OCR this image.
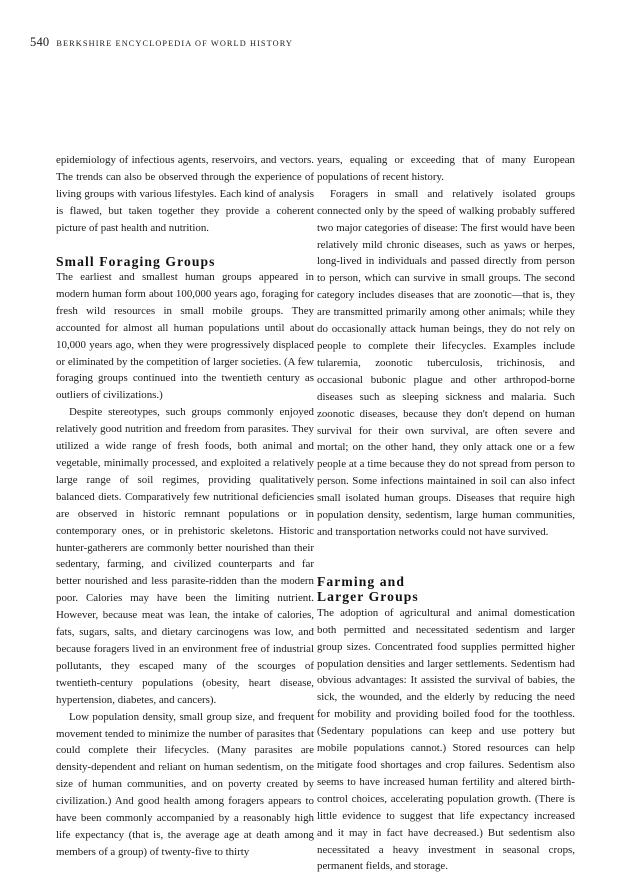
540 BERKSHIRE ENCYCLOPEDIA OF WORLD HISTORY

epidemiology of infectious agents, reservoirs, and vectors. The trends can also be observed through the experience of living groups with various lifestyles. Each kind of analysis is flawed, but taken together they provide a coherent picture of past health and nutrition.

Small Foraging Groups

The earliest and smallest human groups appeared in modern human form about 100,000 years ago, foraging for fresh wild resources in small mobile groups. They accounted for almost all human populations until about 10,000 years ago, when they were progressively displaced or eliminated by the competition of larger societies. (A few foraging groups continued into the twentieth century as outliers of civilizations.)

Despite stereotypes, such groups commonly enjoyed relatively good nutrition and freedom from parasites. They utilized a wide range of fresh foods, both animal and vegetable, minimally processed, and exploited a relatively large range of soil regimes, providing qualitatively balanced diets. Comparatively few nutritional deficiencies are observed in historic remnant populations or in contemporary ones, or in prehistoric skeletons. Historic hunter-gatherers are commonly better nourished than their sedentary, farming, and civilized counterparts and far better nourished and less parasite-ridden than the modern poor. Calories may have been the limiting nutrient. However, because meat was lean, the intake of calories, fats, sugars, salts, and dietary carcinogens was low, and because foragers lived in an environment free of industrial pollutants, they escaped many of the scourges of twentieth-century populations (obesity, heart disease, hypertension, diabetes, and cancers).

Low population density, small group size, and frequent movement tended to minimize the number of parasites that could complete their lifecycles. (Many parasites are density-dependent and reliant on human sedentism, on the size of human communities, and on poverty created by civilization.) And good health among foragers appears to have been commonly accompanied by a reasonably high life expectancy (that is, the average age at death among members of a group) of twenty-five to thirty

years, equaling or exceeding that of many European populations of recent history.

Foragers in small and relatively isolated groups connected only by the speed of walking probably suffered two major categories of disease: The first would have been relatively mild chronic diseases, such as yaws or herpes, long-lived in individuals and passed directly from person to person, which can survive in small groups. The second category includes diseases that are zoonotic—that is, they are transmitted primarily among other animals; while they do occasionally attack human beings, they do not rely on people to complete their lifecycles. Examples include tularemia, zoonotic tuberculosis, trichinosis, and occasional bubonic plague and other arthropod-borne diseases such as sleeping sickness and malaria. Such zoonotic diseases, because they don't depend on human survival for their own survival, are often severe and mortal; on the other hand, they only attack one or a few people at a time because they do not spread from person to person. Some infections maintained in soil can also infect small isolated human groups. Diseases that require high population density, sedentism, large human communities, and transportation networks could not have survived.

Farming and
Larger Groups

The adoption of agricultural and animal domestication both permitted and necessitated sedentism and larger group sizes. Concentrated food supplies permitted higher population densities and larger settlements. Sedentism had obvious advantages: It assisted the survival of babies, the sick, the wounded, and the elderly by reducing the need for mobility and providing boiled food for the toothless. (Sedentary populations can keep and use pottery but mobile populations cannot.) Stored resources can help mitigate food shortages and crop failures. Sedentism also seems to have increased human fertility and altered birth-control choices, accelerating population growth. (There is little evidence to suggest that life expectancy increased and it may in fact have decreased.) But sedentism also necessitated a heavy investment in seasonal crops, permanent fields, and storage.
